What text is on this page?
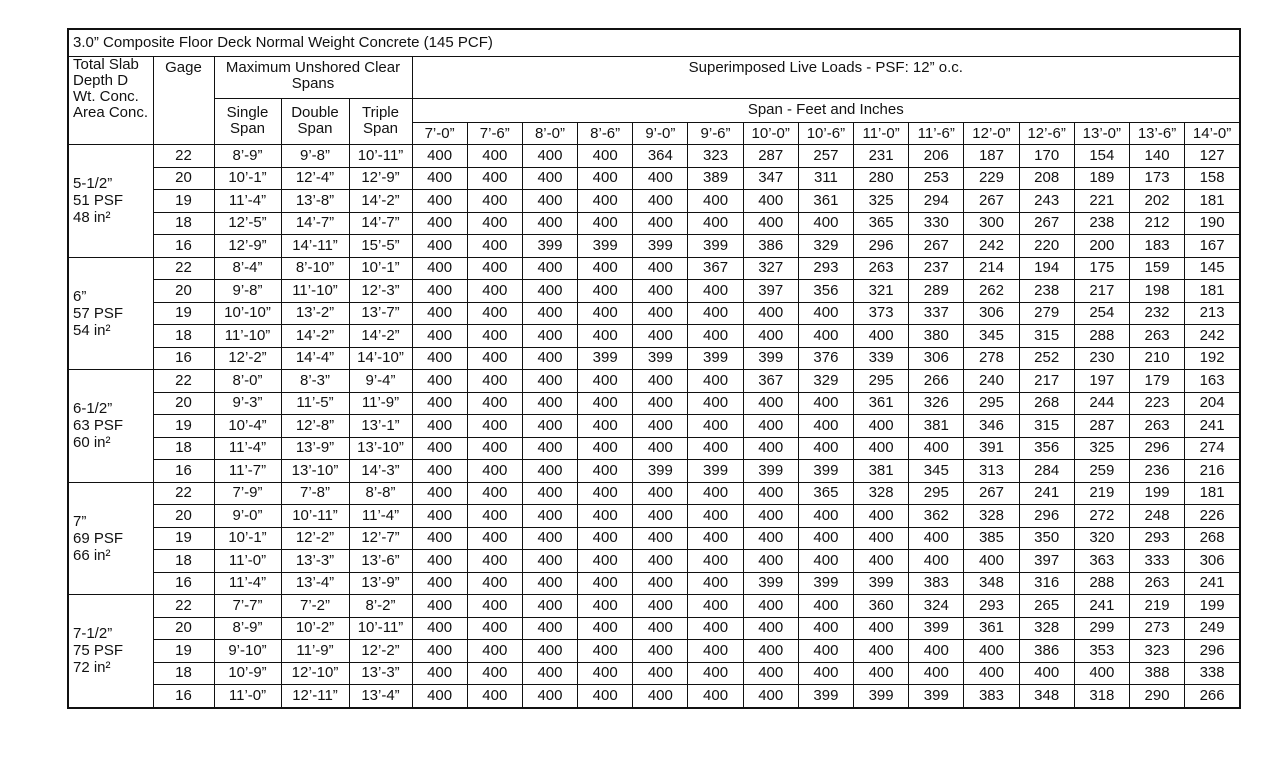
3.0” Composite Floor Deck Normal Weight Concrete (145 PCF)																			

Total Slab
Depth D
Wt. Conc.
Area Conc.	Gage	Maximum Unshored Clear Spans			Superimposed Live Loads - PSF: 12” o.c.														
		Single Span	Double Span	Triple Span	Span - Feet and Inches														
					7’-0”	7’-6”	8’-0”	8’-6”	9’-0”	9’-6”	10’-0”	10’-6”	11’-0”	11’-6”	12’-0”	12’-6”	13’-0”	13’-6”	14’-0”

5-1/2”
51 PSF
48 in²	22	8’-9”	9’-8”	10’-11”	400	400	400	400	364	323	287	257	231	206	187	170	154	140	127
	20	10’-1”	12’-4”	12’-9”	400	400	400	400	400	389	347	311	280	253	229	208	189	173	158
	19	11’-4”	13’-8”	14’-2”	400	400	400	400	400	400	400	361	325	294	267	243	221	202	181
	18	12’-5”	14’-7”	14’-7”	400	400	400	400	400	400	400	400	365	330	300	267	238	212	190
	16	12’-9”	14’-11”	15’-5”	400	400	399	399	399	399	386	329	296	267	242	220	200	183	167

6”
57 PSF
54 in²	22	8’-4”	8’-10”	10’-1”	400	400	400	400	400	367	327	293	263	237	214	194	175	159	145
	20	9’-8”	11’-10”	12’-3”	400	400	400	400	400	400	397	356	321	289	262	238	217	198	181
	19	10’-10”	13’-2”	13’-7”	400	400	400	400	400	400	400	400	373	337	306	279	254	232	213
	18	11’-10”	14’-2”	14’-2”	400	400	400	400	400	400	400	400	400	380	345	315	288	263	242
	16	12’-2”	14’-4”	14’-10”	400	400	400	399	399	399	399	376	339	306	278	252	230	210	192

6-1/2”
63 PSF
60 in²	22	8’-0”	8’-3”	9’-4”	400	400	400	400	400	400	367	329	295	266	240	217	197	179	163
	20	9’-3”	11’-5”	11’-9”	400	400	400	400	400	400	400	400	361	326	295	268	244	223	204
	19	10’-4”	12’-8”	13’-1”	400	400	400	400	400	400	400	400	400	381	346	315	287	263	241
	18	11’-4”	13’-9”	13’-10”	400	400	400	400	400	400	400	400	400	400	391	356	325	296	274
	16	11’-7”	13’-10”	14’-3”	400	400	400	400	399	399	399	399	381	345	313	284	259	236	216

7”
69 PSF
66 in²	22	7’-9”	7’-8”	8’-8”	400	400	400	400	400	400	400	365	328	295	267	241	219	199	181
	20	9’-0”	10’-11”	11’-4”	400	400	400	400	400	400	400	400	400	362	328	296	272	248	226
	19	10’-1”	12’-2”	12’-7”	400	400	400	400	400	400	400	400	400	400	385	350	320	293	268
	18	11’-0”	13’-3”	13’-6”	400	400	400	400	400	400	400	400	400	400	400	397	363	333	306
	16	11’-4”	13’-4”	13’-9”	400	400	400	400	400	400	399	399	399	383	348	316	288	263	241

7-1/2”
75 PSF
72 in²	22	7’-7”	7’-2”	8’-2”	400	400	400	400	400	400	400	400	360	324	293	265	241	219	199
	20	8’-9”	10’-2”	10’-11”	400	400	400	400	400	400	400	400	400	399	361	328	299	273	249
	19	9’-10”	11’-9”	12’-2”	400	400	400	400	400	400	400	400	400	400	400	386	353	323	296
	18	10’-9”	12’-10”	13’-3”	400	400	400	400	400	400	400	400	400	400	400	400	400	388	338
	16	11’-0”	12’-11”	13’-4”	400	400	400	400	400	400	400	399	399	399	383	348	318	290	266
